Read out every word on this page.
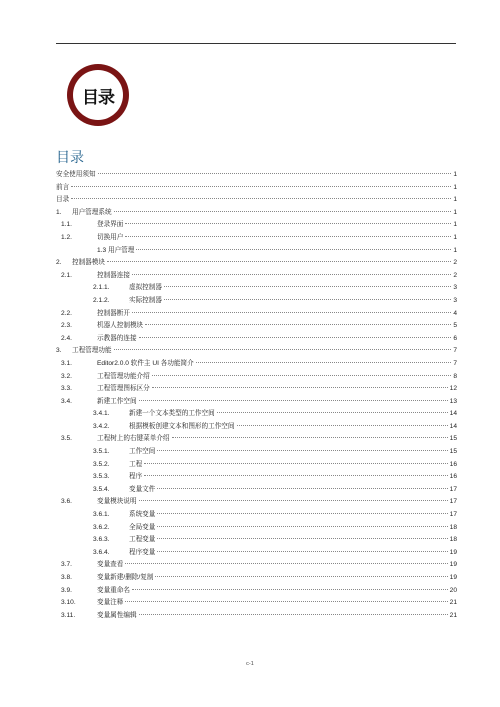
目录
目录
安全使用须知	1
前言	1
目录	1
1.	用户管理系统	1
1.1.	登录界面	1
1.2.	切换用户	1
1.3 用户管理	1
2.	控制器模块	2
2.1.	控制器连接	2
2.1.1.	虚拟控制器	3
2.1.2.	实际控制器	3
2.2.	控制器断开	4
2.3.	机器人控制模块	5
2.4.	示教器的连接	6
3.	工程管理功能	7
3.1.	Editor2.0.0 软件主 UI 各功能简介	7
3.2.	工程管理功能介绍	8
3.3.	工程管理图标区分	12
3.4.	新建工作空间	13
3.4.1.	新建一个文本类型的工作空间	14
3.4.2.	根据模板创建文本和图形的工作空间	14
3.5.	工程树上的右键菜单介绍	15
3.5.1.	工作空间	15
3.5.2.	工程	16
3.5.3.	程序	16
3.5.4.	变量文件	17
3.6.	变量模块说明	17
3.6.1.	系统变量	17
3.6.2.	全局变量	18
3.6.3.	工程变量	18
3.6.4.	程序变量	19
3.7.	变量查看	19
3.8.	变量新建/删除/复制	19
3.9.	变量重命名	20
3.10.	变量注释	21
3.11.	变量属性编辑	21
c-1
